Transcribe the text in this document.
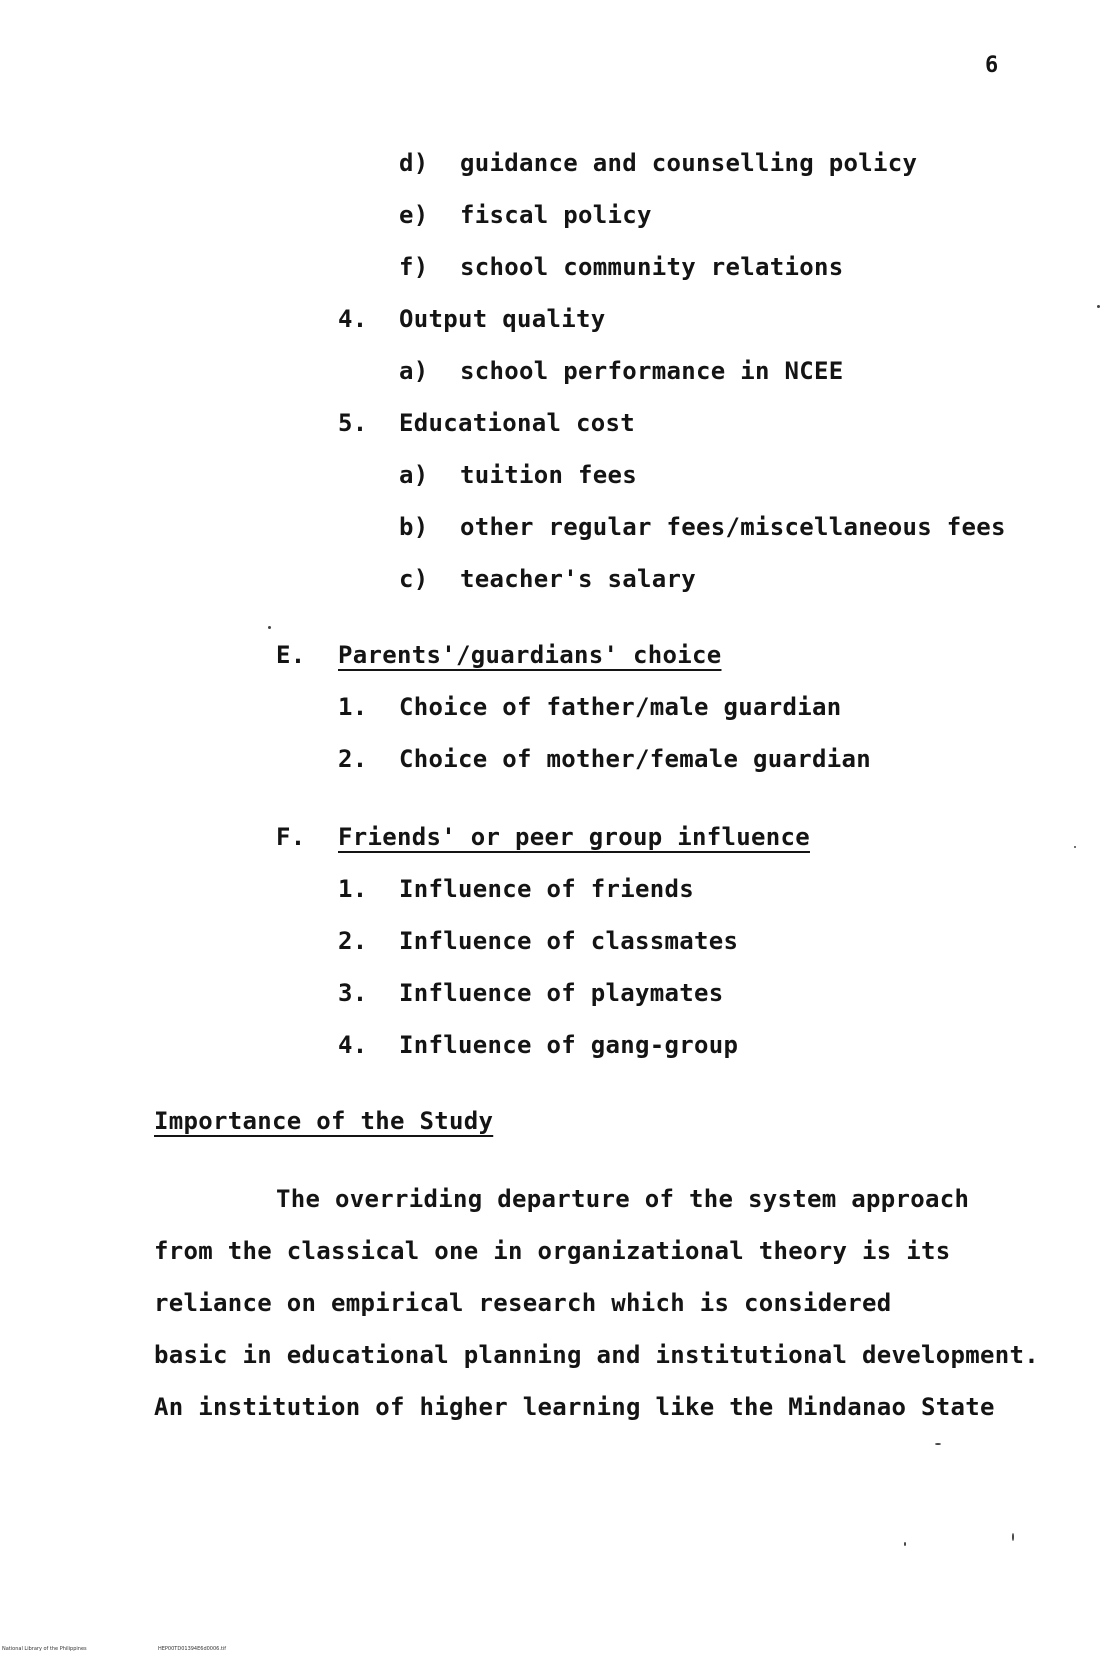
6
d) guidance and counselling policy
e) fiscal policy
f) school community relations
4. Output quality
a) school performance in NCEE
5. Educational cost
a) tuition fees
b) other regular fees/miscellaneous fees
c) teacher's salary
E. Parents'/guardians' choice
1. Choice of father/male guardian
2. Choice of mother/female guardian
F. Friends' or peer group influence
1. Influence of friends
2. Influence of classmates
3. Influence of playmates
4. Influence of gang-group
Importance of the Study
The overriding departure of the system approach
from the classical one in organizational theory is its
reliance on empirical research which is considered
basic in educational planning and institutional development.
An institution of higher learning like the Mindanao State
National Library of the Philippines	HEP00TD01394E6d0006.tif
